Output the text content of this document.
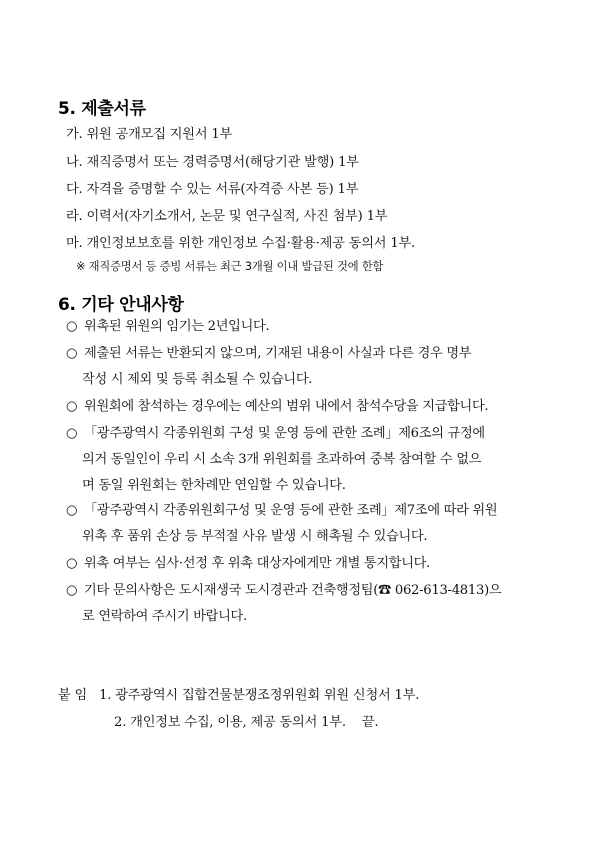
5. 제출서류
가. 위원 공개모집 지원서 1부
나. 재직증명서 또는 경력증명서(해당기관 발행) 1부
다. 자격을 증명할 수 있는 서류(자격증 사본 등) 1부
라. 이력서(자기소개서, 논문 및 연구실적, 사진 첨부) 1부
마. 개인정보보호를 위한 개인정보 수집·활용·제공 동의서 1부.
※ 재직증명서 등 증빙 서류는 최근 3개월 이내 발급된 것에 한함
6. 기타 안내사항
○ 위촉된 위원의 임기는 2년입니다.
○ 제출된 서류는 반환되지 않으며, 기재된 내용이 사실과 다른 경우 명부
작성 시 제외 및 등록 취소될 수 있습니다.
○ 위원회에 참석하는 경우에는 예산의 범위 내에서 참석수당을 지급합니다.
○ 「광주광역시 각종위원회 구성 및 운영 등에 관한 조례」제6조의 규정에
의거 동일인이 우리 시 소속 3개 위원회를 초과하여 중복 참여할 수 없으
며 동일 위원회는 한차례만 연임할 수 있습니다.
○ 「광주광역시 각종위원회구성 및 운영 등에 관한 조례」제7조에 따라 위원
위촉 후 품위 손상 등 부적절 사유 발생 시 해촉될 수 있습니다.
○ 위촉 여부는 심사·선정 후 위촉 대상자에게만 개별 통지합니다.
○ 기타 문의사항은 도시재생국 도시경관과 건축행정팀(☎ 062-613-4813)으
로 연락하여 주시기 바랍니다.
붙 임 1. 광주광역시 집합건물분쟁조정위원회 위원 신청서 1부.
2. 개인정보 수집, 이용, 제공 동의서 1부. 끝.
